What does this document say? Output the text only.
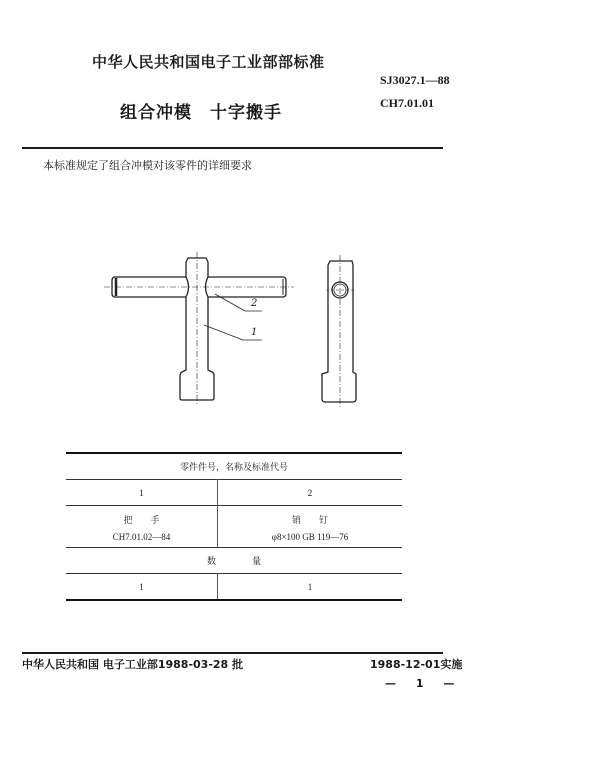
中华人民共和国电子工业部部标准
SJ3027.1—88
CH7.01.01
组合冲模　十字搬手
本标准规定了组合冲模对该零件的详细要求
2
1
零件件号，名称及标准代号	
1	2
把　　手	销　　钉
CH7.01.02—84	φ8×100 GB 119—76
数　　　　量	
1	1
中华人民共和国 电子工业部1988-03-28 批	1988-12-01实施
— 1 —
